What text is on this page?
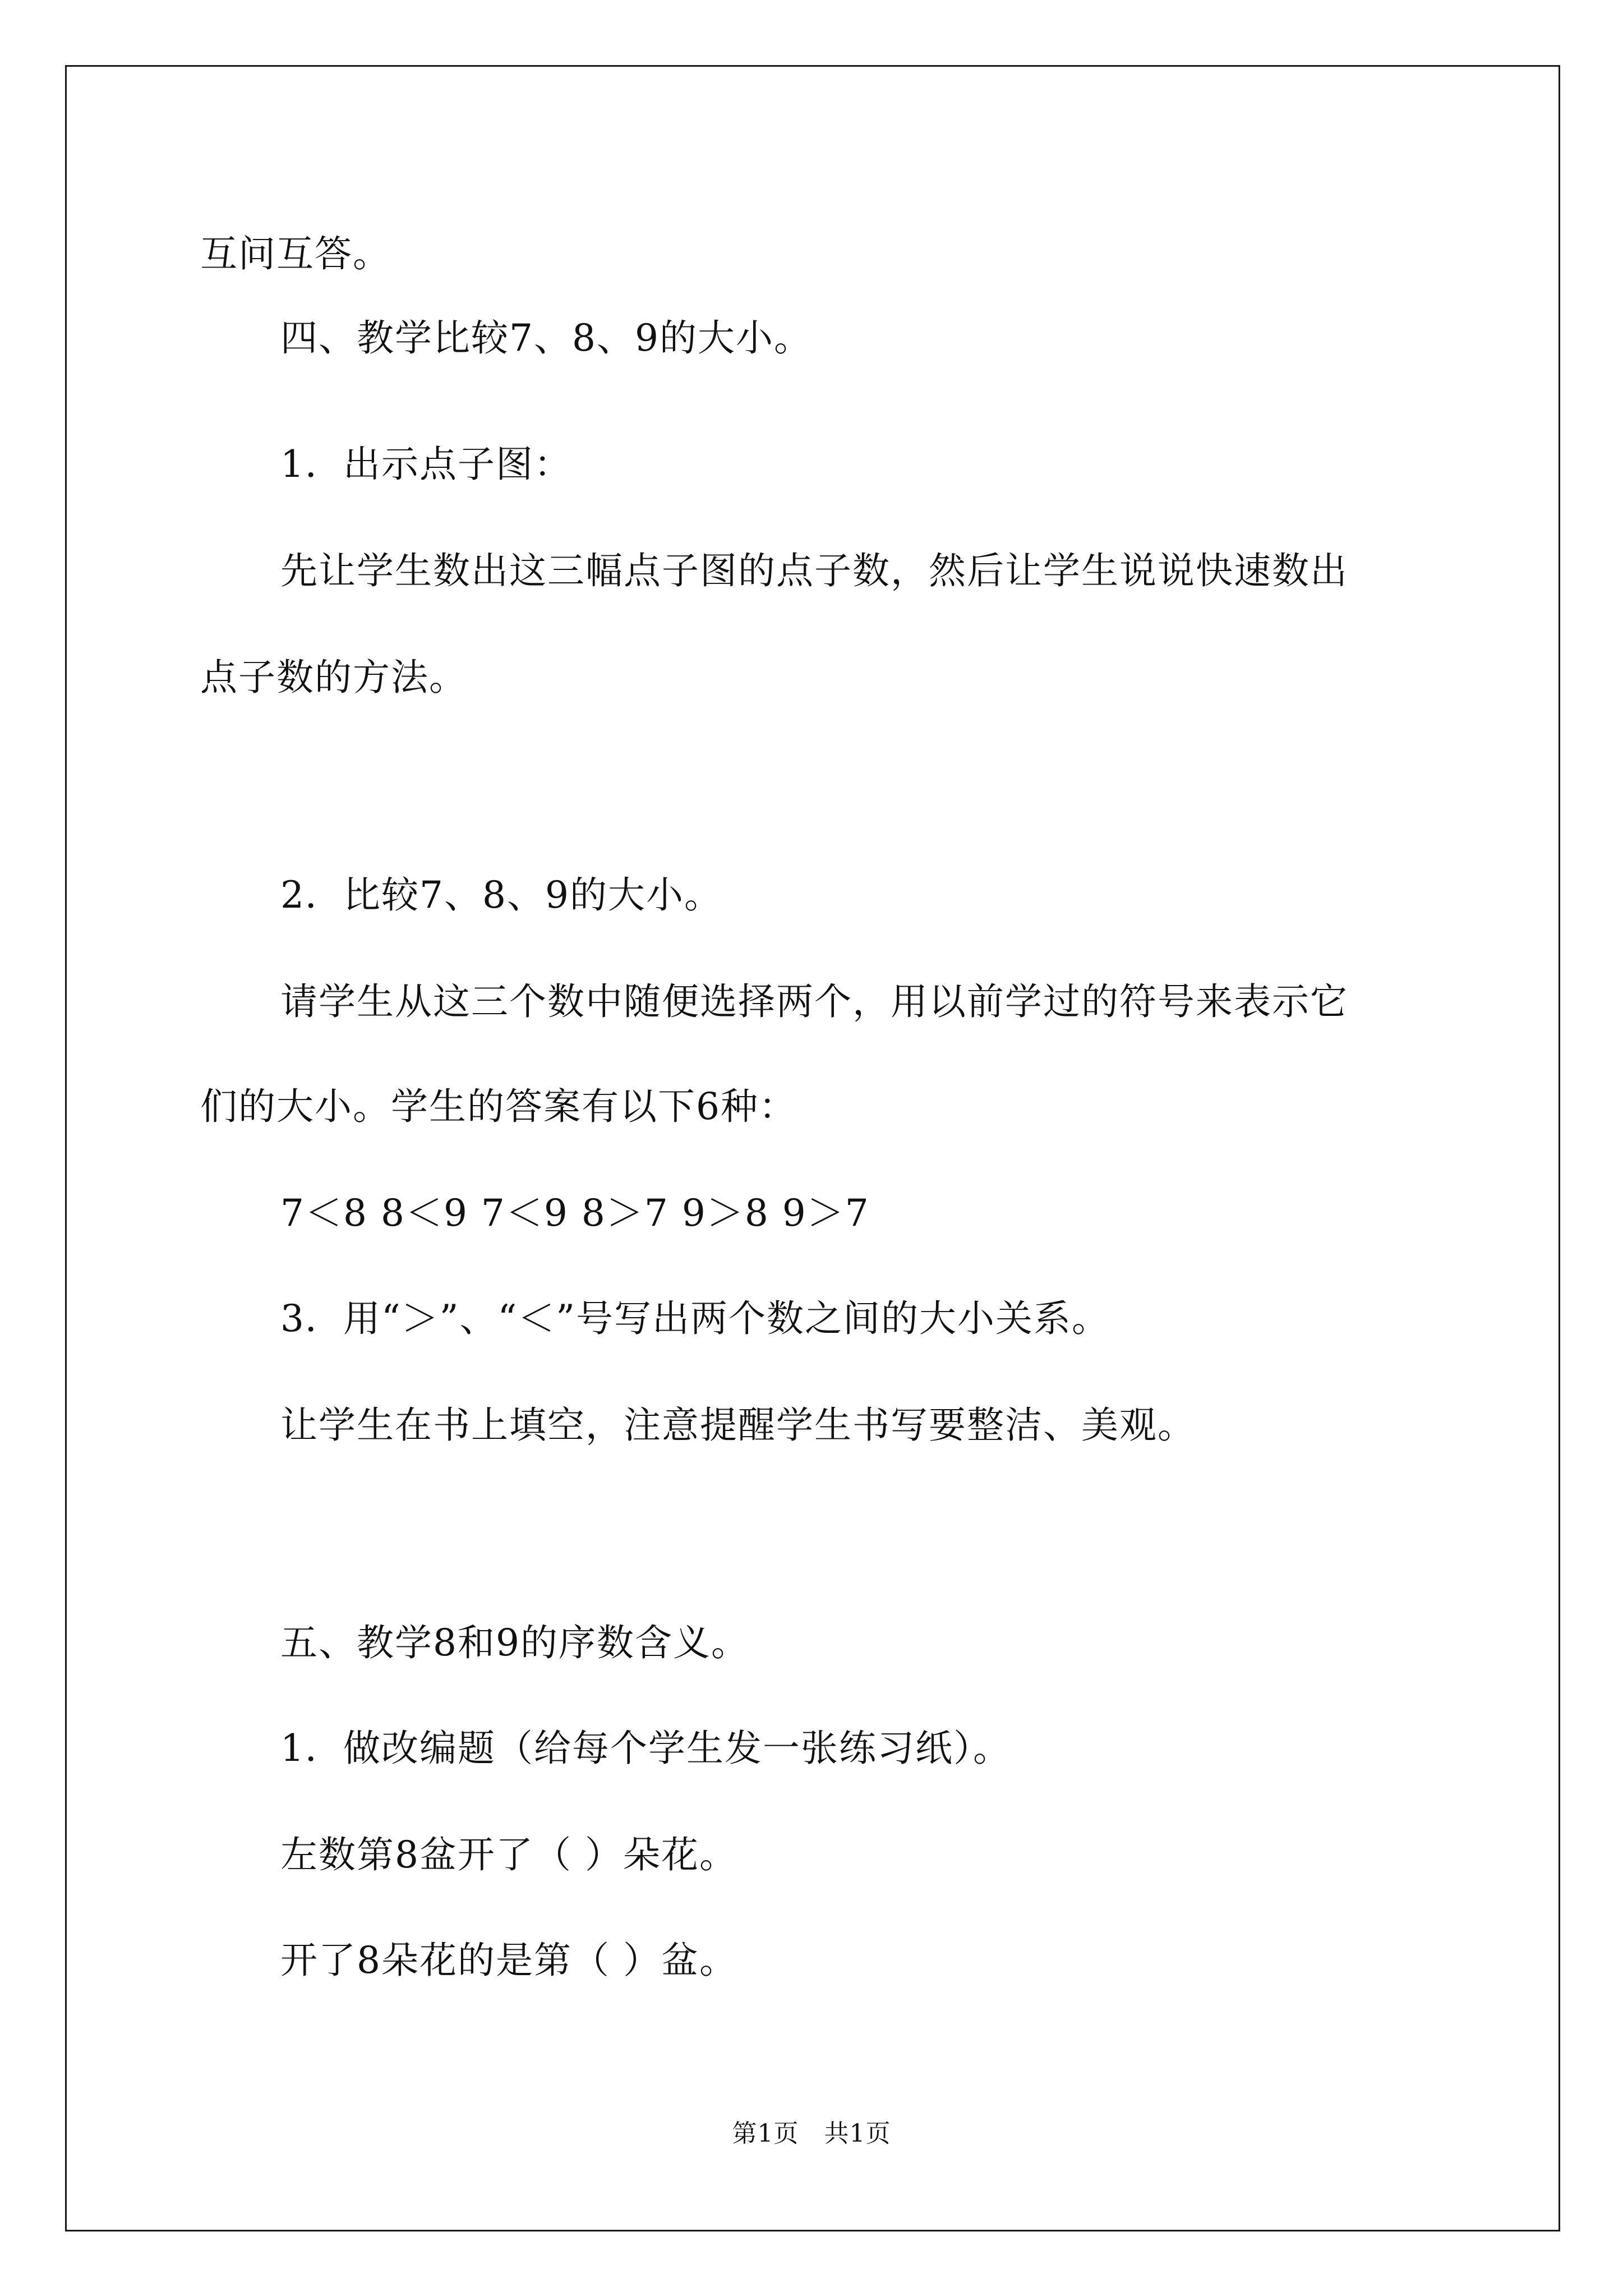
互问互答。
四、教学比较7、8、9的大小。
1．出示点子图：
先让学生数出这三幅点子图的点子数，然后让学生说说快速数出
点子数的方法。
2．比较7、8、9的大小。
请学生从这三个数中随便选择两个，用以前学过的符号来表示它
们的大小。学生的答案有以下6种：
7＜8 8＜9 7＜9 8＞7 9＞8 9＞7
3．用“＞”、“＜”号写出两个数之间的大小关系。
让学生在书上填空，注意提醒学生书写要整洁、美观。
五、教学8和9的序数含义。
1．做改编题（给每个学生发一张练习纸）。
左数第8盆开了（ ）朵花。
开了8朵花的是第（ ）盆。
第1页　共1页
